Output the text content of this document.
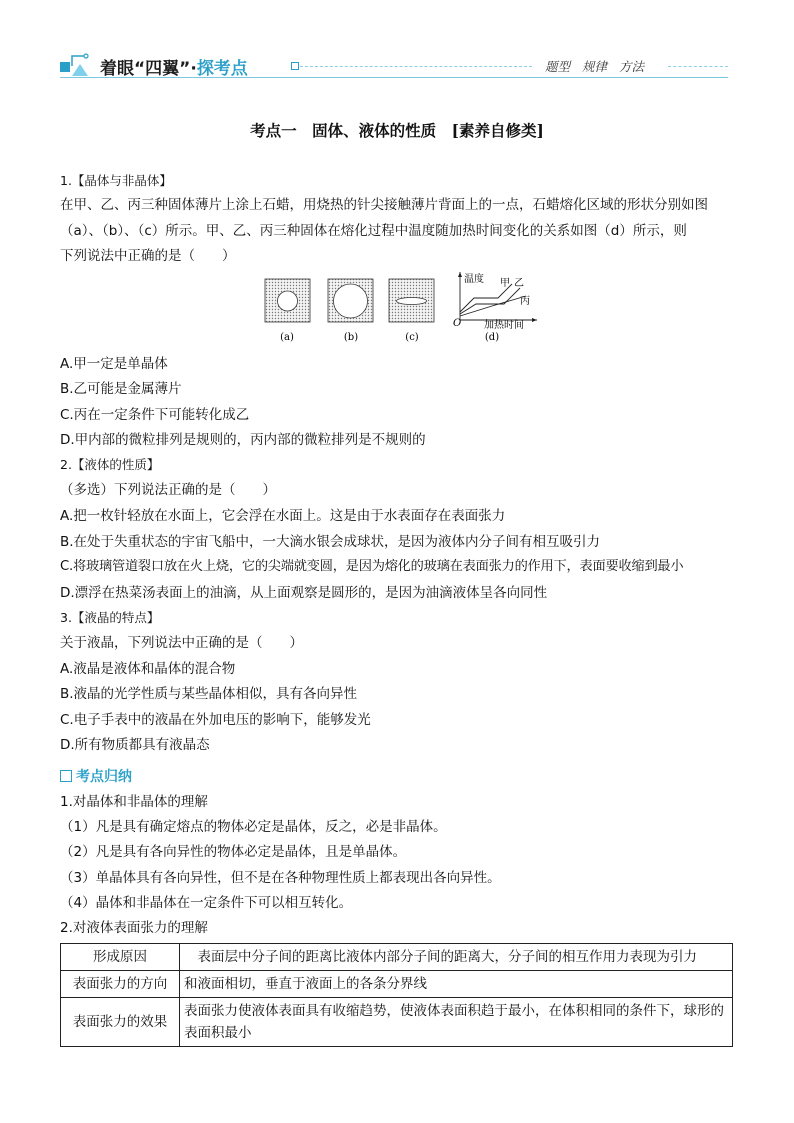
着眼“四翼”·探考点	题型 规律 方法
考点一　固体、液体的性质　[素养自修类]
1.【晶体与非晶体】
在甲、乙、丙三种固体薄片上涂上石蜡，用烧热的针尖接触薄片背面上的一点，石蜡熔化区域的形状分别如图
（a）、（b）、（c）所示。甲、乙、丙三种固体在熔化过程中温度随加热时间变化的关系如图（d）所示，则
下列说法中正确的是（　　）
(a)	(b)	(c)
温度
O 加热时间
甲 乙
丙
(d)
A.甲一定是单晶体
B.乙可能是金属薄片
C.丙在一定条件下可能转化成乙
D.甲内部的微粒排列是规则的，丙内部的微粒排列是不规则的
2.【液体的性质】
（多选）下列说法正确的是（　　）
A.把一枚针轻放在水面上，它会浮在水面上。这是由于水表面存在表面张力
B.在处于失重状态的宇宙飞船中，一大滴水银会成球状，是因为液体内分子间有相互吸引力
C.将玻璃管道裂口放在火上烧，它的尖端就变圆，是因为熔化的玻璃在表面张力的作用下，表面要收缩到最小
D.漂浮在热菜汤表面上的油滴，从上面观察是圆形的，是因为油滴液体呈各向同性
3.【液晶的特点】
关于液晶，下列说法中正确的是（　　）
A.液晶是液体和晶体的混合物
B.液晶的光学性质与某些晶体相似，具有各向异性
C.电子手表中的液晶在外加电压的影响下，能够发光
D.所有物质都具有液晶态
考点归纳
1.对晶体和非晶体的理解
（1）凡是具有确定熔点的物体必定是晶体，反之，必是非晶体。
（2）凡是具有各向异性的物体必定是晶体，且是单晶体。
（3）单晶体具有各向异性，但不是在各种物理性质上都表现出各向异性。
（4）晶体和非晶体在一定条件下可以相互转化。
2.对液体表面张力的理解
形成原因	　表面层中分子间的距离比液体内部分子间的距离大，分子间的相互作用力表现为引力
表面张力的方向	和液面相切，垂直于液面上的各条分界线
表面张力的效果	表面张力使液体表面具有收缩趋势，使液体表面积趋于最小，在体积相同的条件下，球形的表面积最小
